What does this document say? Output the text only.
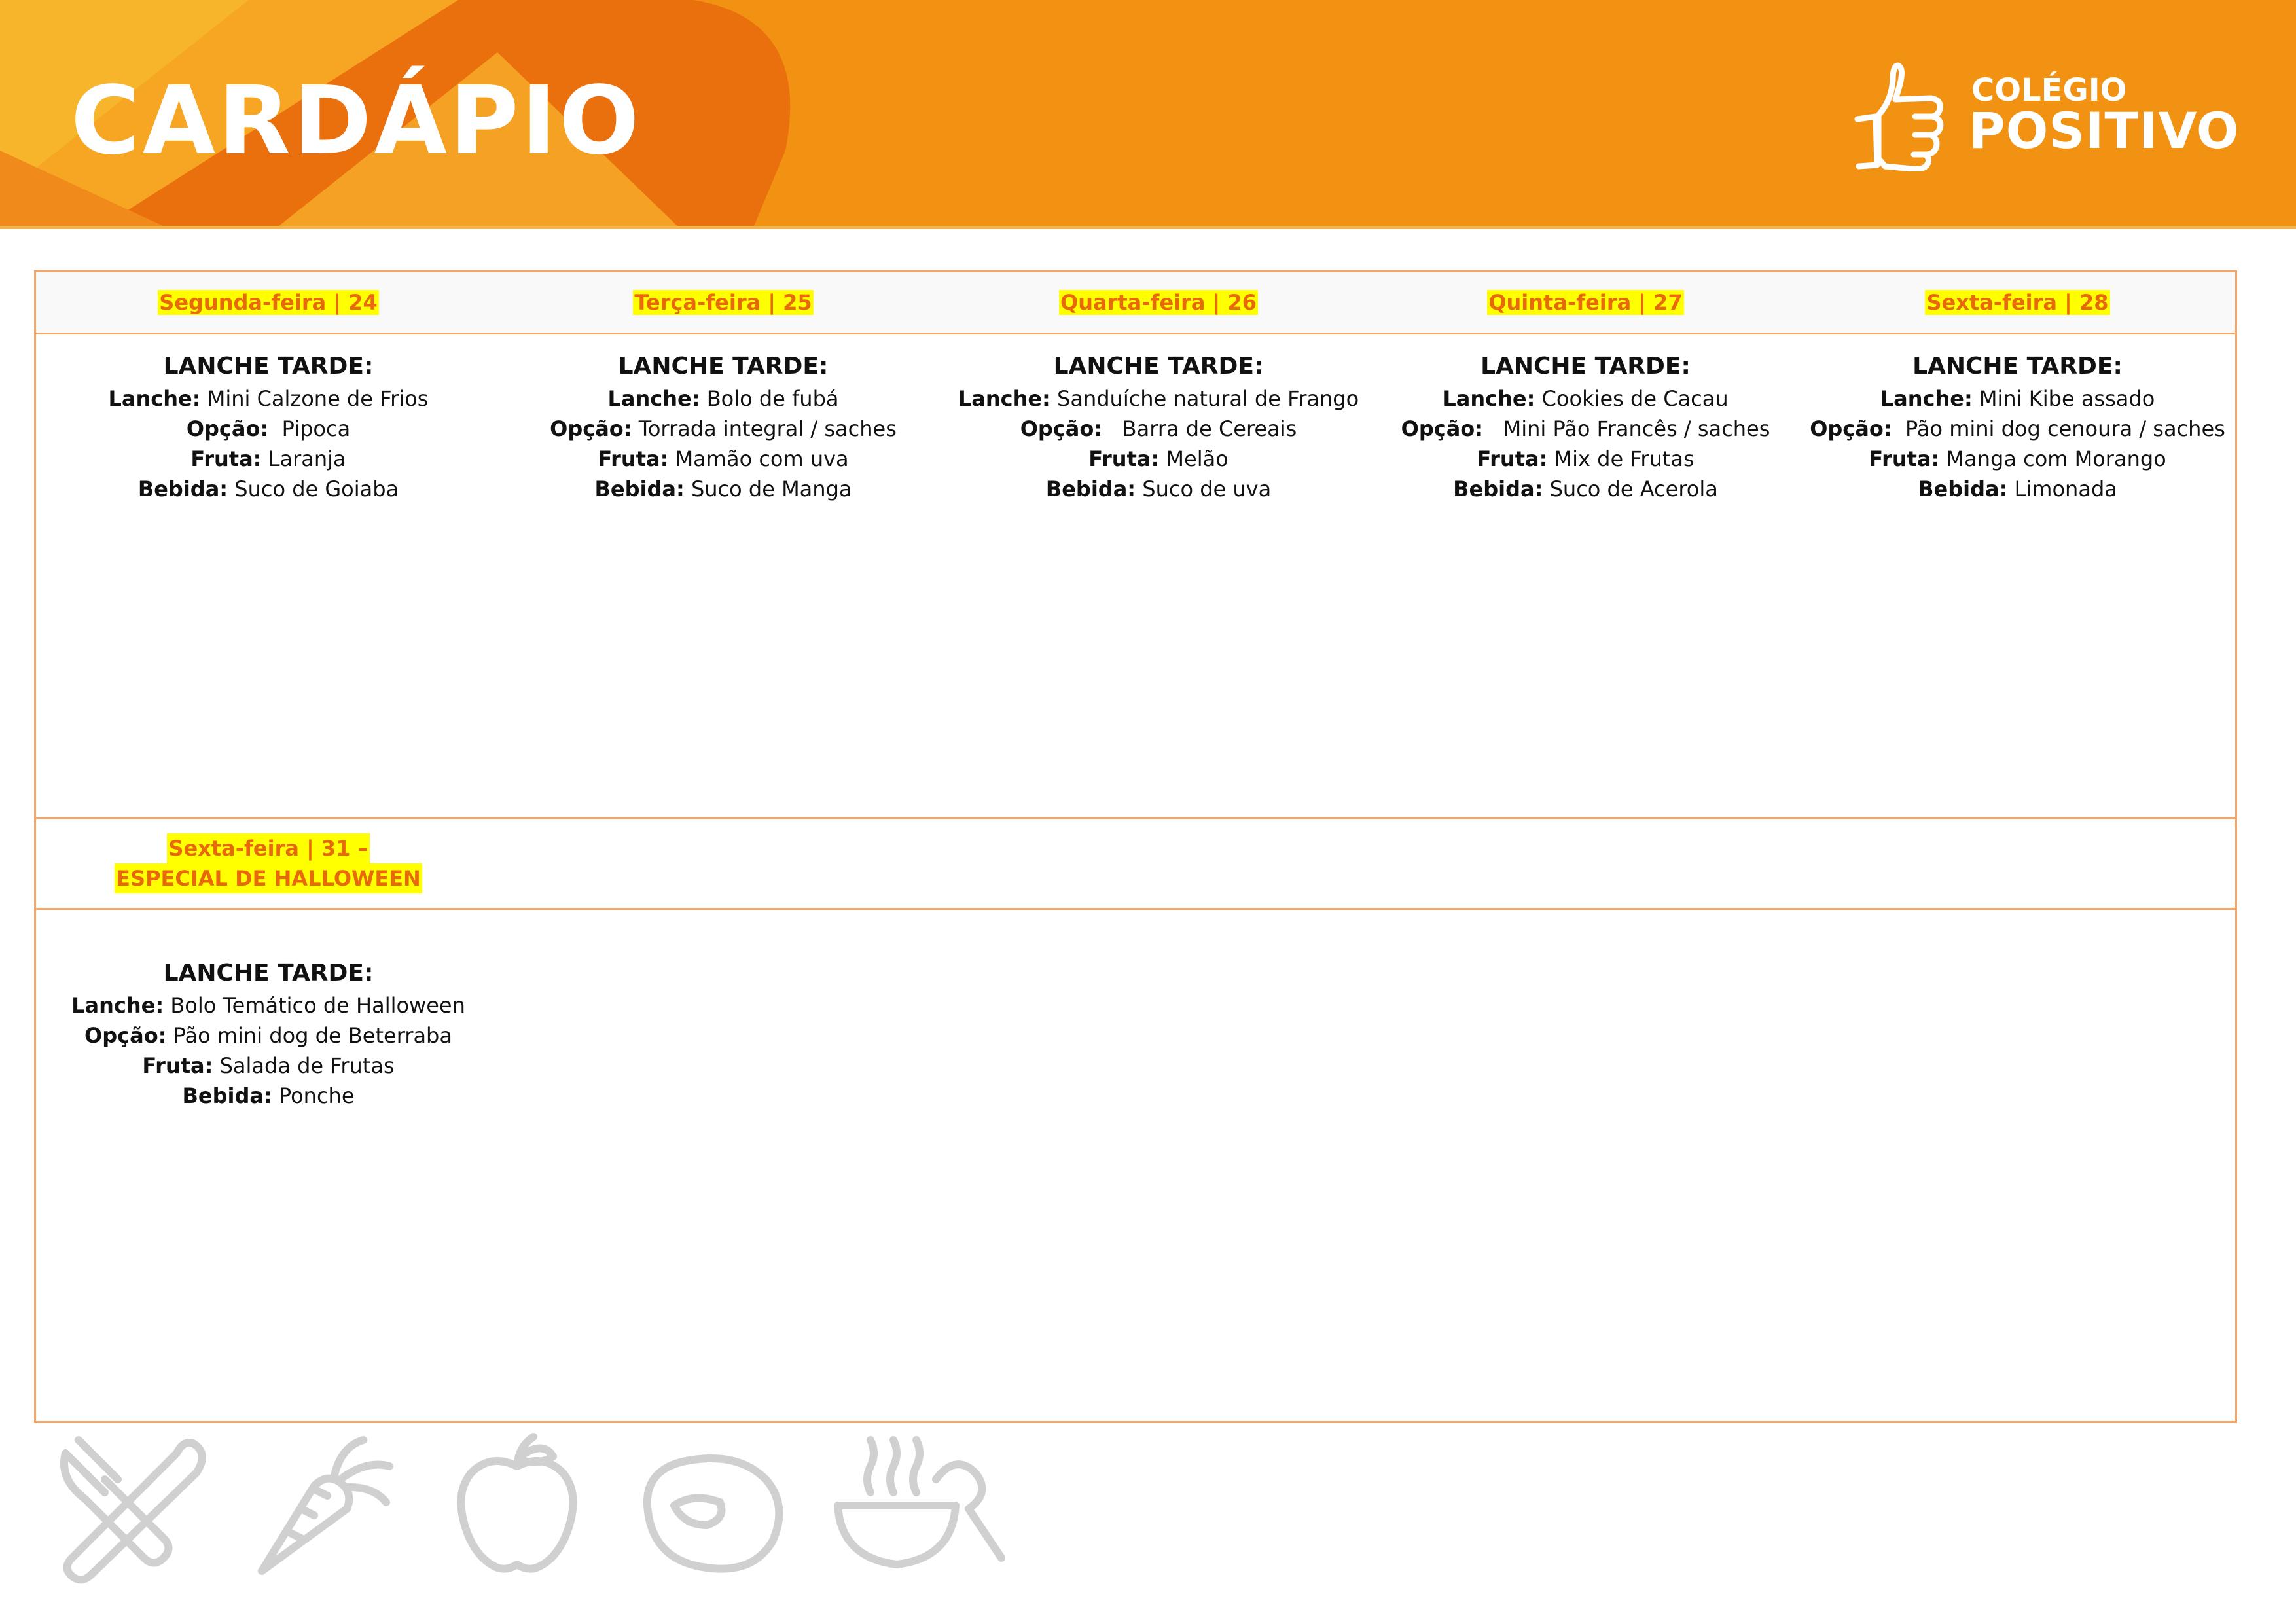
CARDÁPIO	COLÉGIO
POSITIVO
Segunda-feira | 24	Terça-feira | 25	Quarta-feira | 26	Quinta-feira | 27	Sexta-feira | 28
LANCHE TARDE:
Lanche: Mini Calzone de Frios
Opção: Pipoca
Fruta: Laranja
Bebida: Suco de Goiaba
LANCHE TARDE:
Lanche: Bolo de fubá
Opção: Torrada integral / saches
Fruta: Mamão com uva
Bebida: Suco de Manga
LANCHE TARDE:
Lanche: Sanduíche natural de Frango
Opção: Barra de Cereais
Fruta: Melão
Bebida: Suco de uva
LANCHE TARDE:
Lanche: Cookies de Cacau
Opção: Mini Pão Francês / saches
Fruta: Mix de Frutas
Bebida: Suco de Acerola
LANCHE TARDE:
Lanche: Mini Kibe assado
Opção: Pão mini dog cenoura / saches
Fruta: Manga com Morango
Bebida: Limonada
Sexta-feira | 31 –
ESPECIAL DE HALLOWEEN
LANCHE TARDE:
Lanche: Bolo Temático de Halloween
Opção: Pão mini dog de Beterraba
Fruta: Salada de Frutas
Bebida: Ponche
